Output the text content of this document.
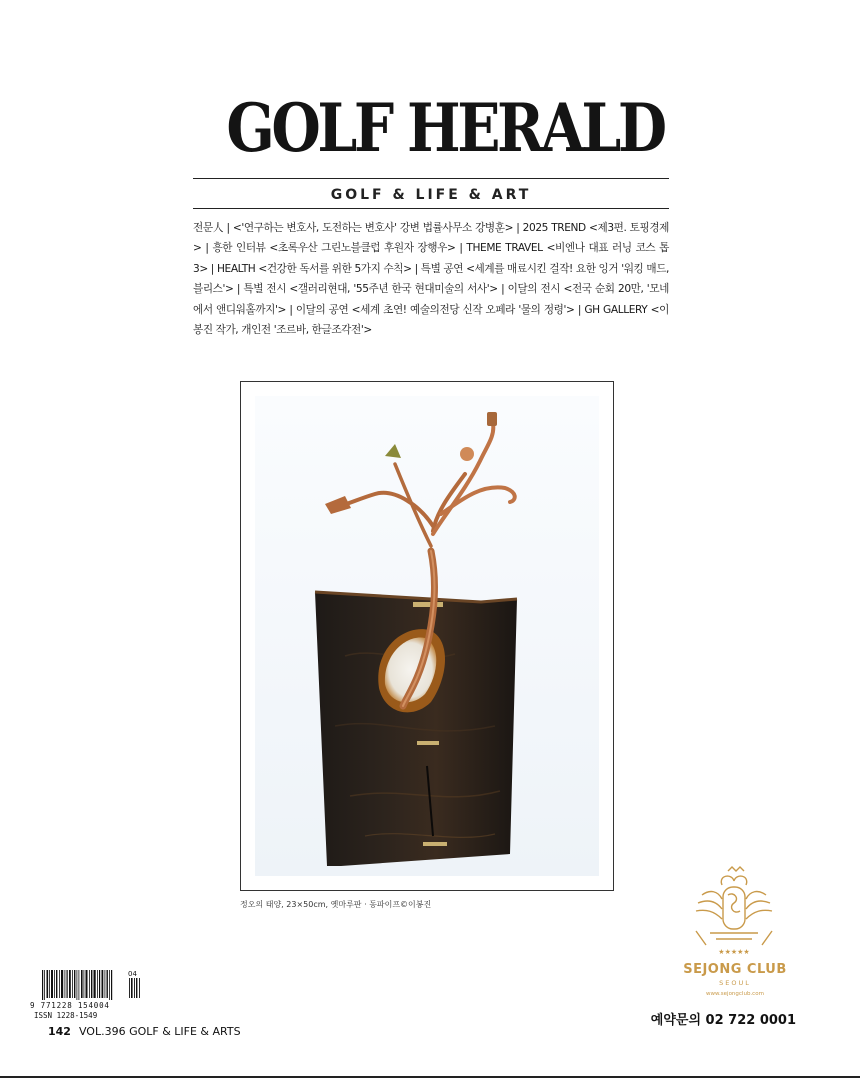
GOLF HERALD
GOLF & LIFE & ART
전문人 | <'연구하는 변호사, 도전하는 변호사' 강변 법률사무소 강병훈> | 2025 TREND <제3편. 토핑경제> | 흥한 인터뷰 <초록우산 그린노블클럽 후원자 장행우> | THEME TRAVEL <비엔나 대표 러닝 코스 톱3> | HEALTH <건강한 독서를 위한 5가지 수칙> | 특별 공연 <세계를 매료시킨 걸작! 요한 잉거 '워킹 매드, 블리스'> | 특별 전시 <갤러리현대, '55주년 한국 현대미술의 서사'> | 이달의 전시 <전국 순회 20만, '모네에서 앤디워홀까지'> | 이달의 공연 <세계 초연! 예술의전당 신작 오페라 '물의 정령'> | GH GALLERY <이봉진 작가, 개인전 '조르바, 한글조각전'>
정오의 태양, 23×50cm, 옛마루판 · 동파이프©이봉진
04
9 771228 154004
ISSN 1228-1549
142 VOL.396 GOLF & LIFE & ARTS
★★★★★
SEJONG CLUB
SEOUL
www.sejongclub.com
예약문의 02 722 0001
